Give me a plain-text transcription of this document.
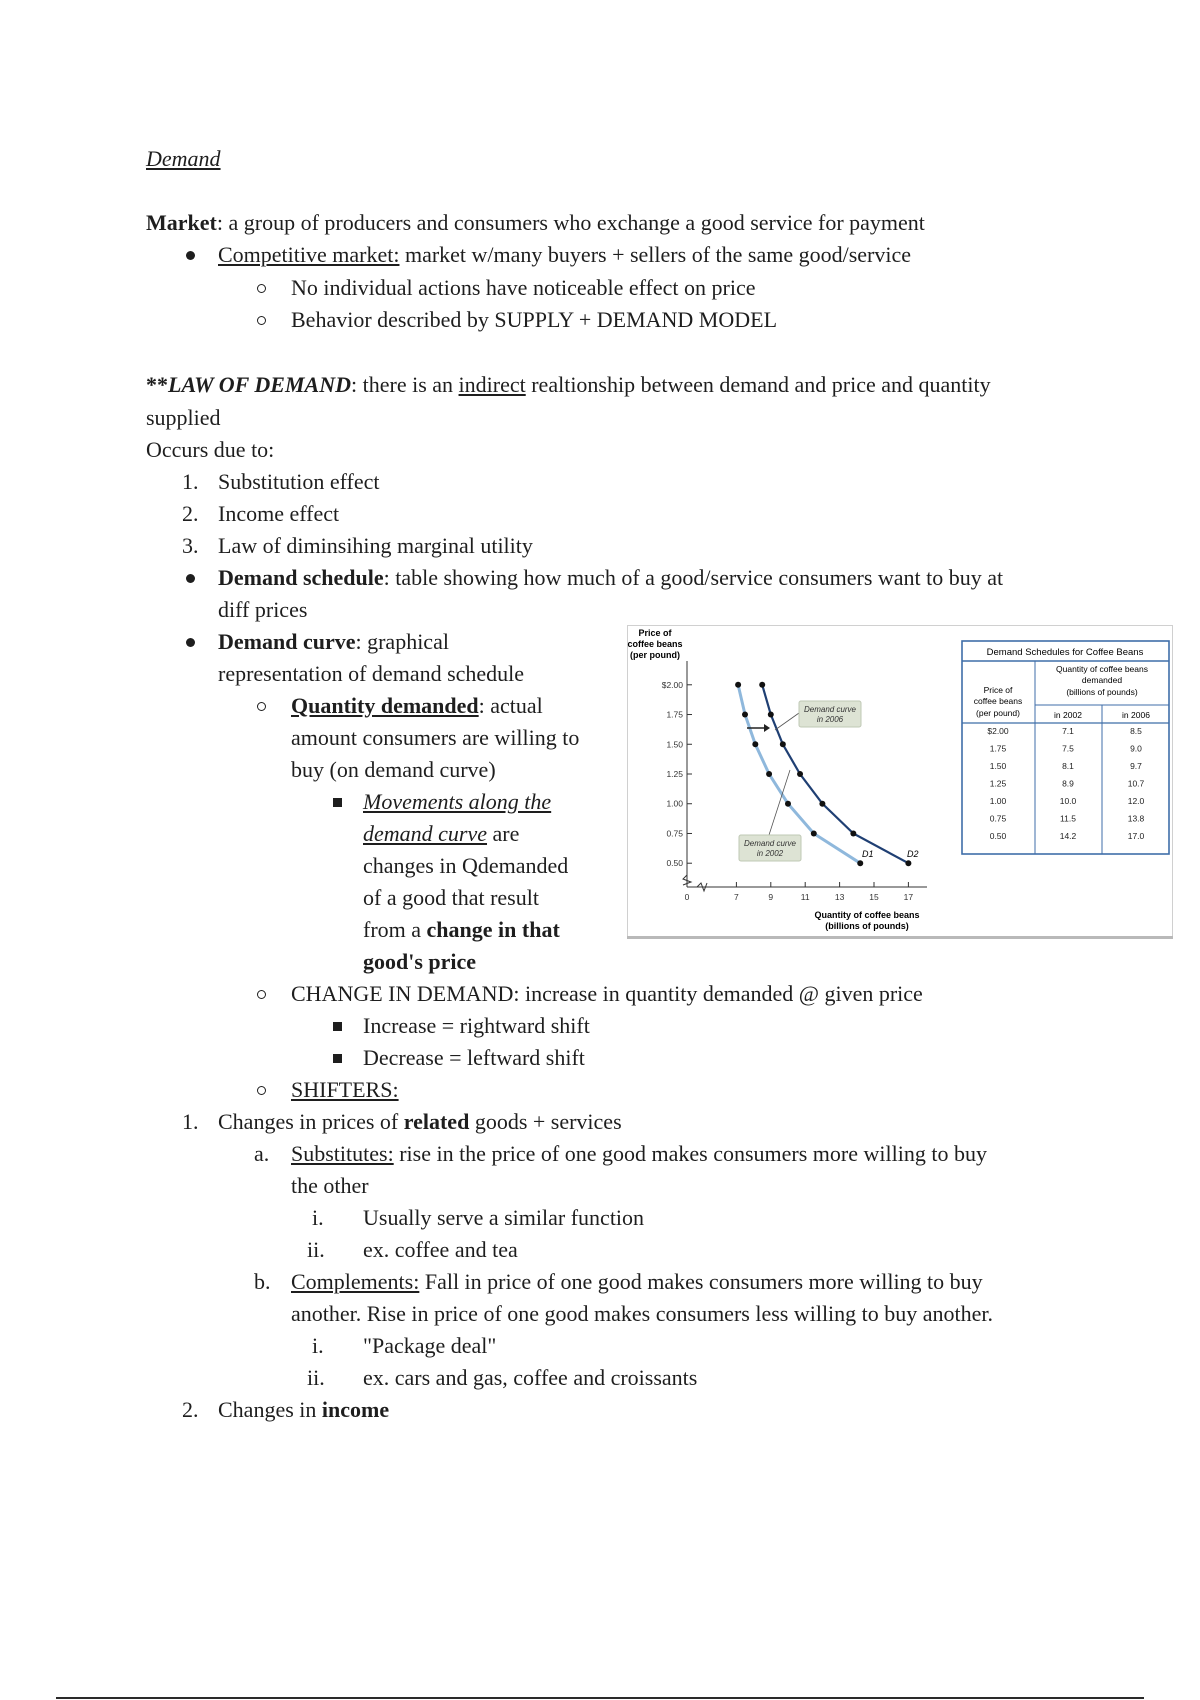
Demand
Market: a group of producers and consumers who exchange a good service for payment
Competitive market: market w/many buyers + sellers of the same good/service
No individual actions have noticeable effect on price
Behavior described by SUPPLY + DEMAND MODEL
**LAW OF DEMAND: there is an indirect realtionship between demand and price and quantity
supplied
Occurs due to:
1. Substitution effect
2. Income effect
3. Law of diminsihing marginal utility
Demand schedule: table showing how much of a good/service consumers want to buy at
diff prices
Demand curve: graphical
representation of demand schedule
Quantity demanded: actual
amount consumers are willing to
buy (on demand curve)
Movements along the
demand curve are
changes in Qdemanded
of a good that result
from a change in that
good's price
CHANGE IN DEMAND: increase in quantity demanded @ given price
Increase = rightward shift
Decrease = leftward shift
SHIFTERS:
1. Changes in prices of related goods + services
a. Substitutes: rise in the price of one good makes consumers more willing to buy
the other
i. Usually serve a similar function
ii. ex. coffee and tea
b. Complements: Fall in price of one good makes consumers more willing to buy
another. Rise in price of one good makes consumers less willing to buy another.
i. "Package deal"
ii. ex. cars and gas, coffee and croissants
2. Changes in income
Price of
coffee beans
(per pound)
$2.00
1.75
1.50
1.25
1.00
0.75
0.50
0	7	9	11	13	15	17
Quantity of coffee beans
(billions of pounds)
Demand curve
in 2006
Demand curve
in 2002	D1	D2
Demand Schedules for Coffee Beans
Price of
coffee beans
(per pound)
Quantity of coffee beans
demanded
(billions of pounds)
in 2002	in 2006
$2.00	7.1	8.5
1.75	7.5	9.0
1.50	8.1	9.7
1.25	8.9	10.7
1.00	10.0	12.0
0.75	11.5	13.8
0.50	14.2	17.0
